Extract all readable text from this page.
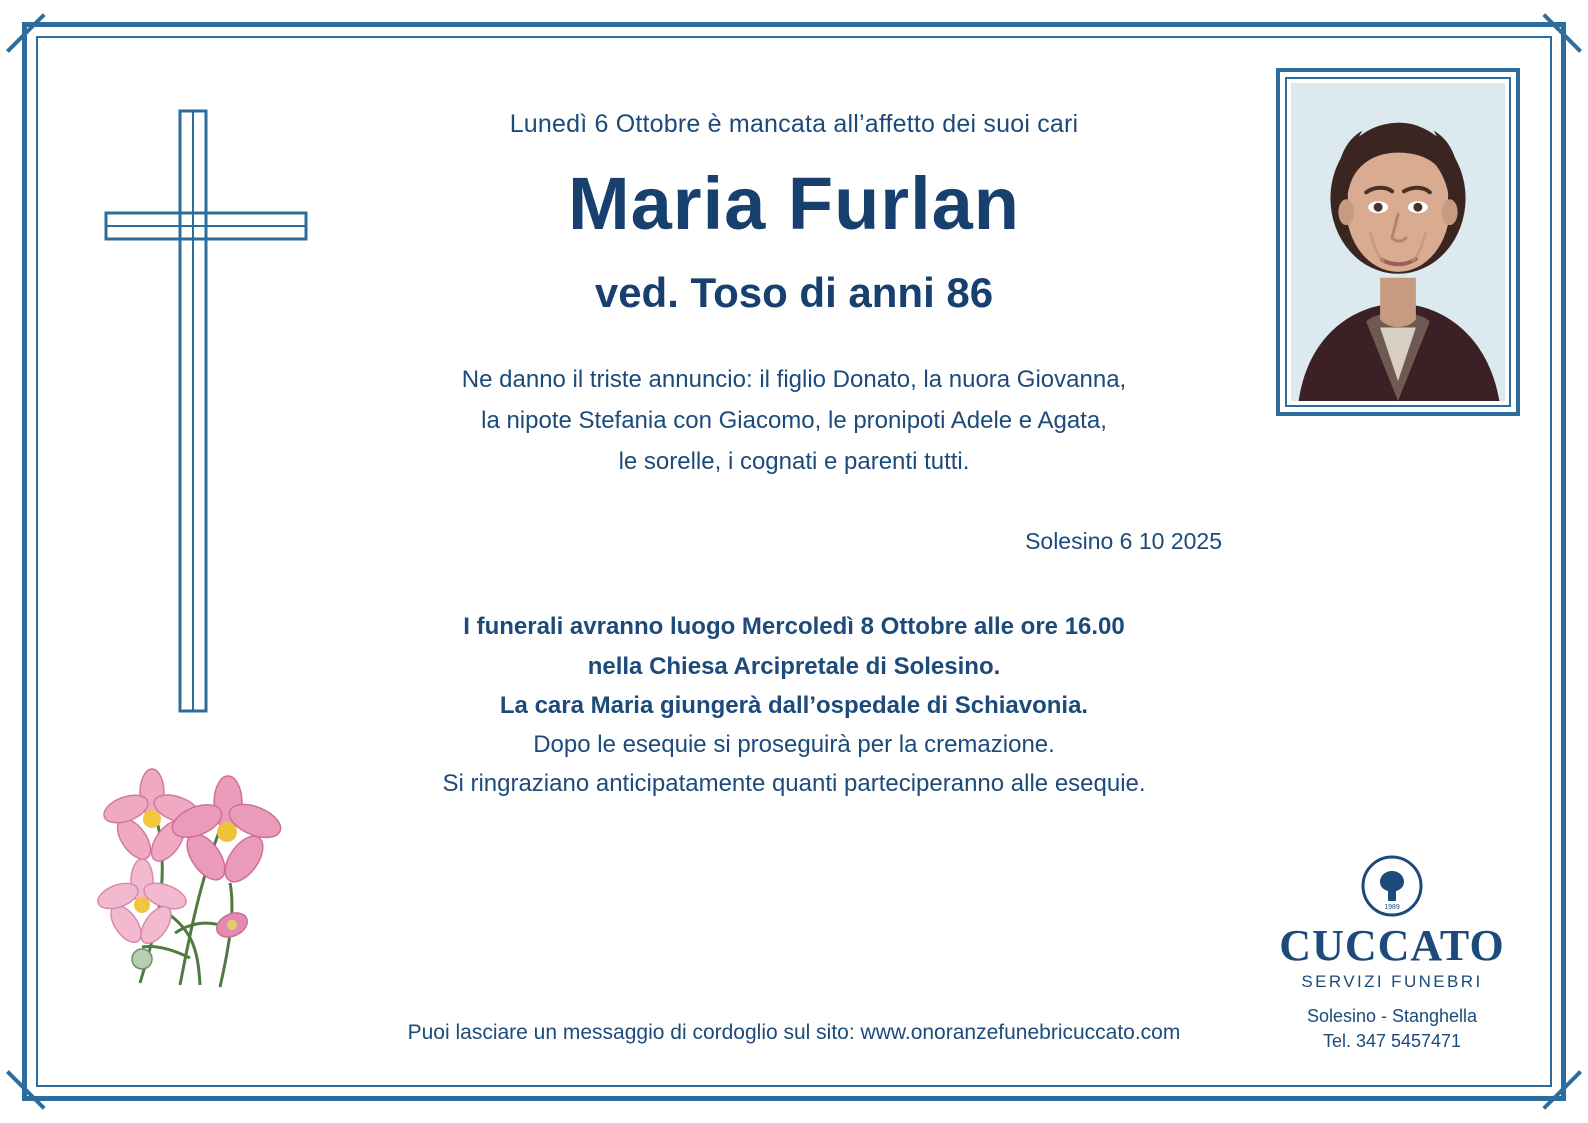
Lunedì 6 Ottobre è mancata all’affetto dei suoi cari
Maria Furlan
ved. Toso di anni 86
Ne danno il triste annuncio: il figlio Donato, la nuora Giovanna,
la nipote Stefania con Giacomo, le pronipoti Adele e Agata,
le sorelle, i cognati e parenti tutti.
Solesino 6 10 2025
I funerali avranno luogo Mercoledì 8 Ottobre alle ore 16.00
nella Chiesa Arcipretale di Solesino.
La cara Maria giungerà dall’ospedale di Schiavonia.
Dopo le esequie si proseguirà per la cremazione.
Si ringraziano anticipatamente quanti parteciperanno alle esequie.
Puoi lasciare un messaggio di cordoglio sul sito: www.onoranzefunebricuccato.com
1989
CUCCATO
SERVIZI FUNEBRI
Solesino - Stanghella
Tel. 347 5457471
